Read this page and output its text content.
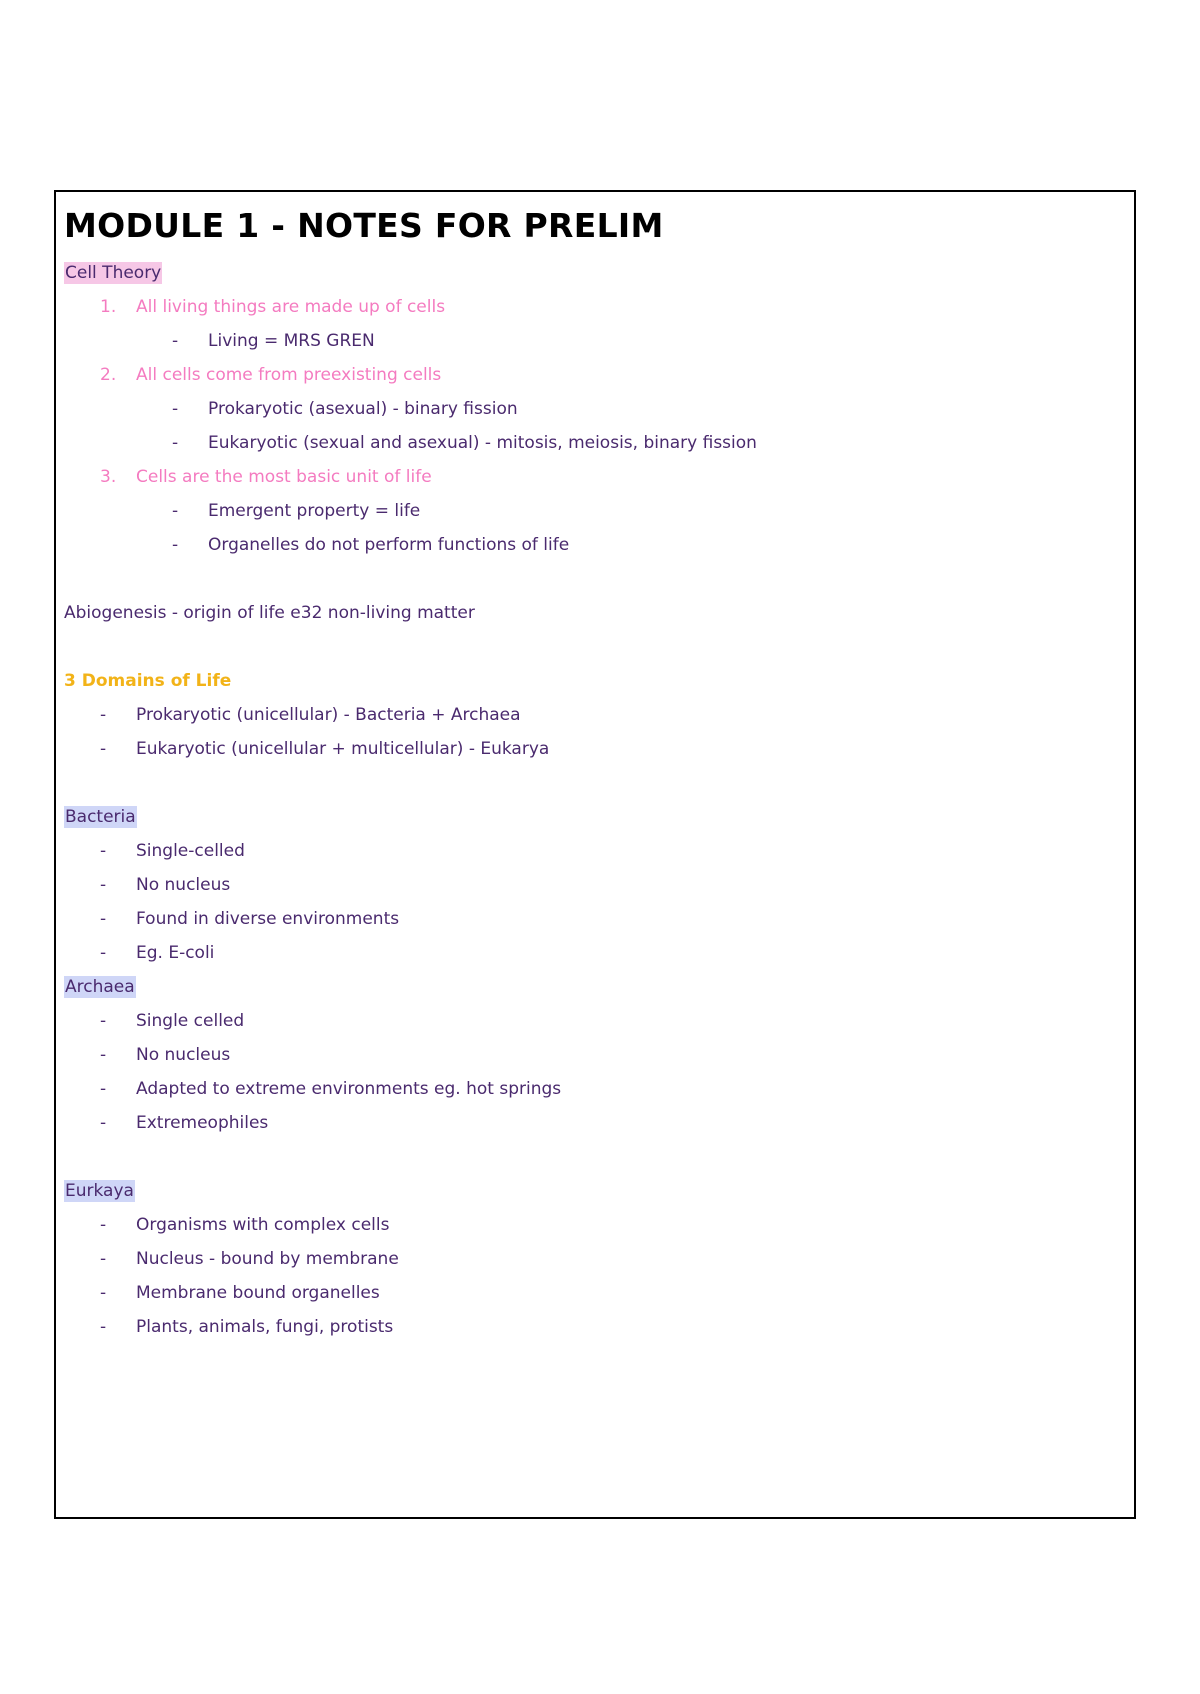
MODULE 1 - NOTES FOR PRELIM
Cell Theory
1. All living things are made up of cells
- Living = MRS GREN
2. All cells come from preexisting cells
- Prokaryotic (asexual) - binary fission
- Eukaryotic (sexual and asexual) - mitosis, meiosis, binary fission
3. Cells are the most basic unit of life
- Emergent property = life
- Organelles do not perform functions of life
Abiogenesis - origin of life e32 non-living matter
3 Domains of Life
- Prokaryotic (unicellular) - Bacteria + Archaea
- Eukaryotic (unicellular + multicellular) - Eukarya
Bacteria
- Single-celled
- No nucleus
- Found in diverse environments
- Eg. E-coli
Archaea
- Single celled
- No nucleus
- Adapted to extreme environments eg. hot springs
- Extremeophiles
Eurkaya
- Organisms with complex cells
- Nucleus - bound by membrane
- Membrane bound organelles
- Plants, animals, fungi, protists
